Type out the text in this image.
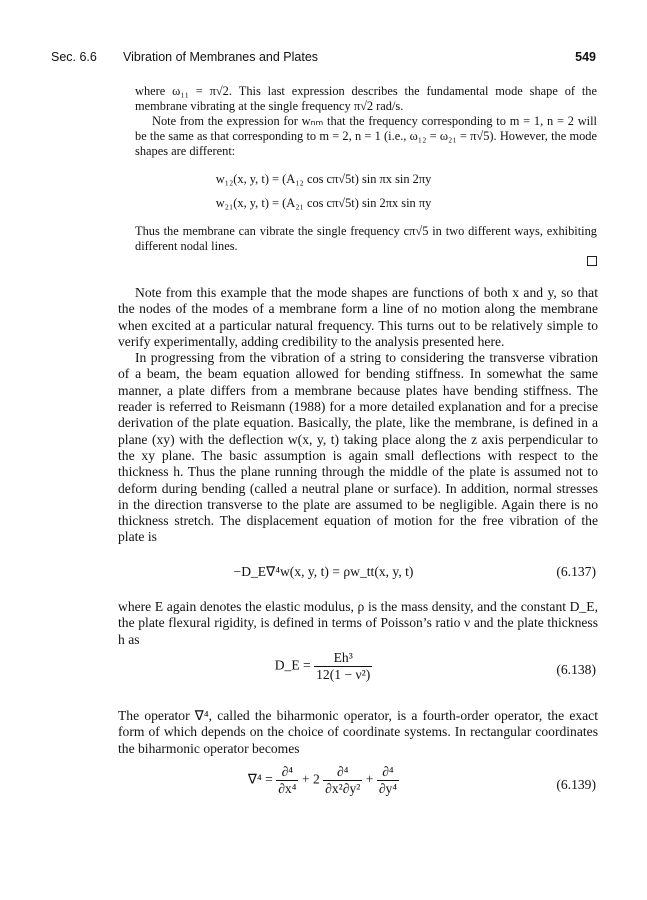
Sec. 6.6 Vibration of Membranes and Plates	549

where ω₁₁ = π√2. This last expression describes the fundamental mode shape of the membrane vibrating at the single frequency π√2 rad/s.

Note from the expression for wₙₘ that the frequency corresponding to m = 1, n = 2 will be the same as that corresponding to m = 2, n = 1 (i.e., ω₁₂ = ω₂₁ = π√5). However, the mode shapes are different:

w₁₂(x, y, t) = (A₁₂ cos cπ√5t) sin πx sin 2πy
w₂₁(x, y, t) = (A₂₁ cos cπ√5t) sin 2πx sin πy

Thus the membrane can vibrate the single frequency cπ√5 in two different ways, exhibiting different nodal lines.

Note from this example that the mode shapes are functions of both x and y, so that the nodes of the modes of a membrane form a line of no motion along the membrane when excited at a particular natural frequency. This turns out to be relatively simple to verify experimentally, adding credibility to the analysis presented here.

In progressing from the vibration of a string to considering the transverse vibration of a beam, the beam equation allowed for bending stiffness. In somewhat the same manner, a plate differs from a membrane because plates have bending stiffness. The reader is referred to Reismann (1988) for a more detailed explanation and for a precise derivation of the plate equation. Basically, the plate, like the membrane, is defined in a plane (xy) with the deflection w(x, y, t) taking place along the z axis perpendicular to the xy plane. The basic assumption is again small deflections with respect to the thickness h. Thus the plane running through the middle of the plate is assumed not to deform during bending (called a neutral plane or surface). In addition, normal stresses in the direction transverse to the plate are assumed to be negligible. Again there is no thickness stretch. The displacement equation of motion for the free vibration of the plate is

−D_E∇⁴w(x, y, t) = ρw_tt(x, y, t)	(6.137)

where E again denotes the elastic modulus, ρ is the mass density, and the constant D_E, the plate flexural rigidity, is defined in terms of Poisson’s ratio ν and the plate thickness h as

D_E = $\frac{\text{Eh³}}{\text{12(1 − ν²)}}$	(6.138)

The operator ∇⁴, called the biharmonic operator, is a fourth-order operator, the exact form of which depends on the choice of coordinate systems. In rectangular coordinates the biharmonic operator becomes

$\nabla^4 = \frac{\text{∂⁴}}{\text{∂x⁴}} + 2 \frac{\text{∂⁴}}{\text{∂x²∂y²}} + \frac{\text{∂⁴}}{\text{∂y⁴}}$	(6.139)
